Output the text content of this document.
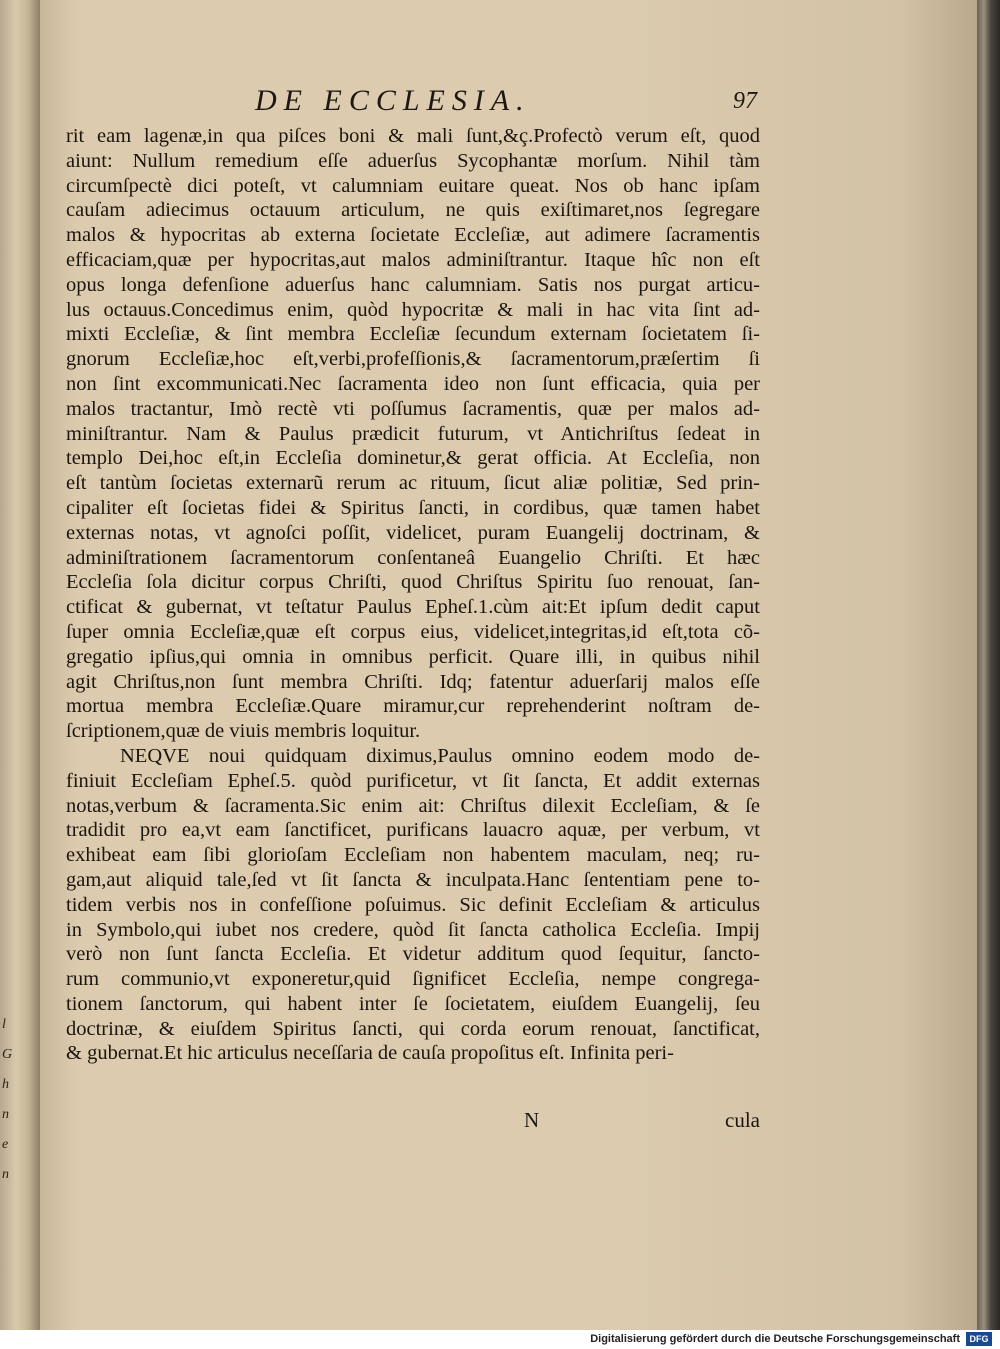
l
G
h
n
e
n
DE ECCLESIA.	97
rit eam lagenæ,in qua piſces boni & mali ſunt,&ç.Profectò verum eſt, quod
aiunt: Nullum remedium eſſe aduerſus Sycophantæ morſum. Nihil tàm
circumſpectè dici poteſt, vt calumniam euitare queat. Nos ob hanc ipſam
cauſam adiecimus octauum articulum, ne quis exiſtimaret,nos ſegregare
malos & hypocritas ab externa ſocietate Eccleſiæ, aut adimere ſacramentis
efficaciam,quæ per hypocritas,aut malos adminiſtrantur. Itaque hîc non eſt
opus longa defenſione aduerſus hanc calumniam. Satis nos purgat articu-
lus octauus.Concedimus enim, quòd hypocritæ & mali in hac vita ſint ad-
mixti Eccleſiæ, & ſint membra Eccleſiæ ſecundum externam ſocietatem ſi-
gnorum Eccleſiæ,hoc eſt,verbi,profeſſionis,& ſacramentorum,præſertim ſi
non ſint excommunicati.Nec ſacramenta ideo non ſunt efficacia, quia per
malos tractantur, Imò rectè vti poſſumus ſacramentis, quæ per malos ad-
miniſtrantur. Nam & Paulus prædicit futurum, vt Antichriſtus ſedeat in
templo Dei,hoc eſt,in Eccleſia dominetur,& gerat officia. At Eccleſia, non
eſt tantùm ſocietas externarũ rerum ac rituum, ſicut aliæ politiæ, Sed prin-
cipaliter eſt ſocietas fidei & Spiritus ſancti, in cordibus, quæ tamen habet
externas notas, vt agnoſci poſſit, videlicet, puram Euangelij doctrinam, &
adminiſtrationem ſacramentorum conſentaneâ Euangelio Chriſti. Et hæc
Eccleſia ſola dicitur corpus Chriſti, quod Chriſtus Spiritu ſuo renouat, ſan-
ctificat & gubernat, vt teſtatur Paulus Epheſ.1.cùm ait:Et ipſum dedit caput
ſuper omnia Eccleſiæ,quæ eſt corpus eius, videlicet,integritas,id eſt,tota cõ-
gregatio ipſius,qui omnia in omnibus perficit. Quare illi, in quibus nihil
agit Chriſtus,non ſunt membra Chriſti. Idq; fatentur aduerſarij malos eſſe
mortua membra Eccleſiæ.Quare miramur,cur reprehenderint noſtram de-
ſcriptionem,quæ de viuis membris loquitur.
NEQVE noui quidquam diximus,Paulus omnino eodem modo de-
finiuit Eccleſiam Epheſ.5. quòd purificetur, vt ſit ſancta, Et addit externas
notas,verbum & ſacramenta.Sic enim ait: Chriſtus dilexit Eccleſiam, & ſe
tradidit pro ea,vt eam ſanctificet, purificans lauacro aquæ, per verbum, vt
exhibeat eam ſibi glorioſam Eccleſiam non habentem maculam, neq; ru-
gam,aut aliquid tale,ſed vt ſit ſancta & inculpata.Hanc ſententiam pene to-
tidem verbis nos in confeſſione poſuimus. Sic definit Eccleſiam & articulus
in Symbolo,qui iubet nos credere, quòd ſit ſancta catholica Eccleſia. Impij
verò non ſunt ſancta Eccleſia. Et videtur additum quod ſequitur, ſancto-
rum communio,vt exponeretur,quid ſignificet Eccleſia, nempe congrega-
tionem ſanctorum, qui habent inter ſe ſocietatem, eiuſdem Euangelij, ſeu
doctrinæ, & eiuſdem Spiritus ſancti, qui corda eorum renouat, ſanctificat,
& gubernat.Et hic articulus neceſſaria de cauſa propoſitus eſt. Infinita peri-
N	cula
Digitalisierung gefördert durch die Deutsche Forschungsgemeinschaft	DFG
